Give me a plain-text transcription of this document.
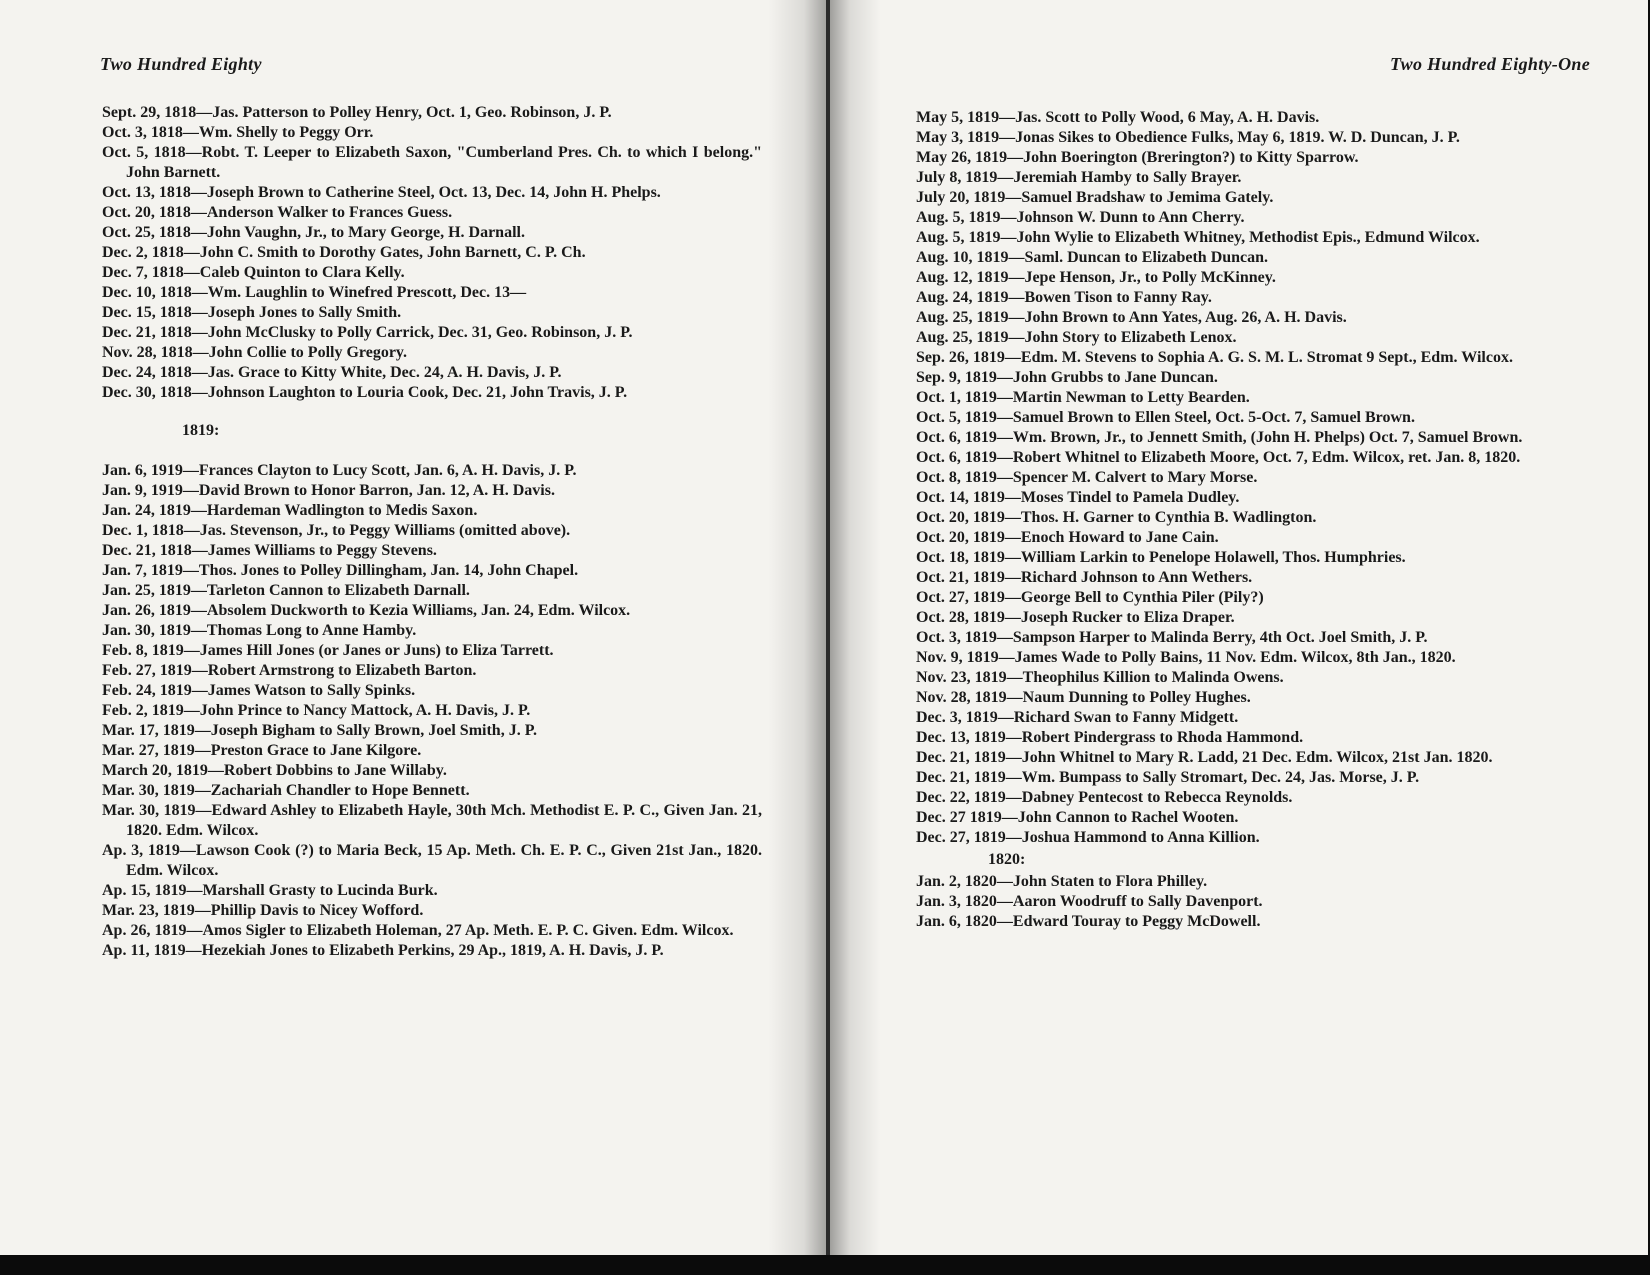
Two Hundred Eighty
Sept. 29, 1818—Jas. Patterson to Polley Henry, Oct. 1, Geo. Robinson, J. P.
Oct. 3, 1818—Wm. Shelly to Peggy Orr.
Oct. 5, 1818—Robt. T. Leeper to Elizabeth Saxon, "Cumberland Pres. Ch. to which I belong." John Barnett.
Oct. 13, 1818—Joseph Brown to Catherine Steel, Oct. 13, Dec. 14, John H. Phelps.
Oct. 20, 1818—Anderson Walker to Frances Guess.
Oct. 25, 1818—John Vaughn, Jr., to Mary George, H. Darnall.
Dec. 2, 1818—John C. Smith to Dorothy Gates, John Barnett, C. P. Ch.
Dec. 7, 1818—Caleb Quinton to Clara Kelly.
Dec. 10, 1818—Wm. Laughlin to Winefred Prescott, Dec. 13—
Dec. 15, 1818—Joseph Jones to Sally Smith.
Dec. 21, 1818—John McClusky to Polly Carrick, Dec. 31, Geo. Robinson, J. P.
Nov. 28, 1818—John Collie to Polly Gregory.
Dec. 24, 1818—Jas. Grace to Kitty White, Dec. 24, A. H. Davis, J. P.
Dec. 30, 1818—Johnson Laughton to Louria Cook, Dec. 21, John Travis, J. P.
1819:
Jan. 6, 1919—Frances Clayton to Lucy Scott, Jan. 6, A. H. Davis, J. P.
Jan. 9, 1919—David Brown to Honor Barron, Jan. 12, A. H. Davis.
Jan. 24, 1819—Hardeman Wadlington to Medis Saxon.
Dec. 1, 1818—Jas. Stevenson, Jr., to Peggy Williams (omitted above).
Dec. 21, 1818—James Williams to Peggy Stevens.
Jan. 7, 1819—Thos. Jones to Polley Dillingham, Jan. 14, John Chapel.
Jan. 25, 1819—Tarleton Cannon to Elizabeth Darnall.
Jan. 26, 1819—Absolem Duckworth to Kezia Williams, Jan. 24, Edm. Wilcox.
Jan. 30, 1819—Thomas Long to Anne Hamby.
Feb. 8, 1819—James Hill Jones (or Janes or Juns) to Eliza Tarrett.
Feb. 27, 1819—Robert Armstrong to Elizabeth Barton.
Feb. 24, 1819—James Watson to Sally Spinks.
Feb. 2, 1819—John Prince to Nancy Mattock, A. H. Davis, J. P.
Mar. 17, 1819—Joseph Bigham to Sally Brown, Joel Smith, J. P.
Mar. 27, 1819—Preston Grace to Jane Kilgore.
March 20, 1819—Robert Dobbins to Jane Willaby.
Mar. 30, 1819—Zachariah Chandler to Hope Bennett.
Mar. 30, 1819—Edward Ashley to Elizabeth Hayle, 30th Mch. Methodist E. P. C., Given Jan. 21, 1820. Edm. Wilcox.
Ap. 3, 1819—Lawson Cook (?) to Maria Beck, 15 Ap. Meth. Ch. E. P. C., Given 21st Jan., 1820. Edm. Wilcox.
Ap. 15, 1819—Marshall Grasty to Lucinda Burk.
Mar. 23, 1819—Phillip Davis to Nicey Wofford.
Ap. 26, 1819—Amos Sigler to Elizabeth Holeman, 27 Ap. Meth. E. P. C. Given. Edm. Wilcox.
Ap. 11, 1819—Hezekiah Jones to Elizabeth Perkins, 29 Ap., 1819, A. H. Davis, J. P.
Two Hundred Eighty-One
May 5, 1819—Jas. Scott to Polly Wood, 6 May, A. H. Davis.
May 3, 1819—Jonas Sikes to Obedience Fulks, May 6, 1819. W. D. Duncan, J. P.
May 26, 1819—John Boerington (Brerington?) to Kitty Sparrow.
July 8, 1819—Jeremiah Hamby to Sally Brayer.
July 20, 1819—Samuel Bradshaw to Jemima Gately.
Aug. 5, 1819—Johnson W. Dunn to Ann Cherry.
Aug. 5, 1819—John Wylie to Elizabeth Whitney, Methodist Epis., Edmund Wilcox.
Aug. 10, 1819—Saml. Duncan to Elizabeth Duncan.
Aug. 12, 1819—Jepe Henson, Jr., to Polly McKinney.
Aug. 24, 1819—Bowen Tison to Fanny Ray.
Aug. 25, 1819—John Brown to Ann Yates, Aug. 26, A. H. Davis.
Aug. 25, 1819—John Story to Elizabeth Lenox.
Sep. 26, 1819—Edm. M. Stevens to Sophia A. G. S. M. L. Stromat 9 Sept., Edm. Wilcox.
Sep. 9, 1819—John Grubbs to Jane Duncan.
Oct. 1, 1819—Martin Newman to Letty Bearden.
Oct. 5, 1819—Samuel Brown to Ellen Steel, Oct. 5-Oct. 7, Samuel Brown.
Oct. 6, 1819—Wm. Brown, Jr., to Jennett Smith, (John H. Phelps) Oct. 7, Samuel Brown.
Oct. 6, 1819—Robert Whitnel to Elizabeth Moore, Oct. 7, Edm. Wilcox, ret. Jan. 8, 1820.
Oct. 8, 1819—Spencer M. Calvert to Mary Morse.
Oct. 14, 1819—Moses Tindel to Pamela Dudley.
Oct. 20, 1819—Thos. H. Garner to Cynthia B. Wadlington.
Oct. 20, 1819—Enoch Howard to Jane Cain.
Oct. 18, 1819—William Larkin to Penelope Holawell, Thos. Humphries.
Oct. 21, 1819—Richard Johnson to Ann Wethers.
Oct. 27, 1819—George Bell to Cynthia Piler (Pily?)
Oct. 28, 1819—Joseph Rucker to Eliza Draper.
Oct. 3, 1819—Sampson Harper to Malinda Berry, 4th Oct. Joel Smith, J. P.
Nov. 9, 1819—James Wade to Polly Bains, 11 Nov. Edm. Wilcox, 8th Jan., 1820.
Nov. 23, 1819—Theophilus Killion to Malinda Owens.
Nov. 28, 1819—Naum Dunning to Polley Hughes.
Dec. 3, 1819—Richard Swan to Fanny Midgett.
Dec. 13, 1819—Robert Pindergrass to Rhoda Hammond.
Dec. 21, 1819—John Whitnel to Mary R. Ladd, 21 Dec. Edm. Wilcox, 21st Jan. 1820.
Dec. 21, 1819—Wm. Bumpass to Sally Stromart, Dec. 24, Jas. Morse, J. P.
Dec. 22, 1819—Dabney Pentecost to Rebecca Reynolds.
Dec. 27 1819—John Cannon to Rachel Wooten.
Dec. 27, 1819—Joshua Hammond to Anna Killion.
1820:
Jan. 2, 1820—John Staten to Flora Philley.
Jan. 3, 1820—Aaron Woodruff to Sally Davenport.
Jan. 6, 1820—Edward Touray to Peggy McDowell.
